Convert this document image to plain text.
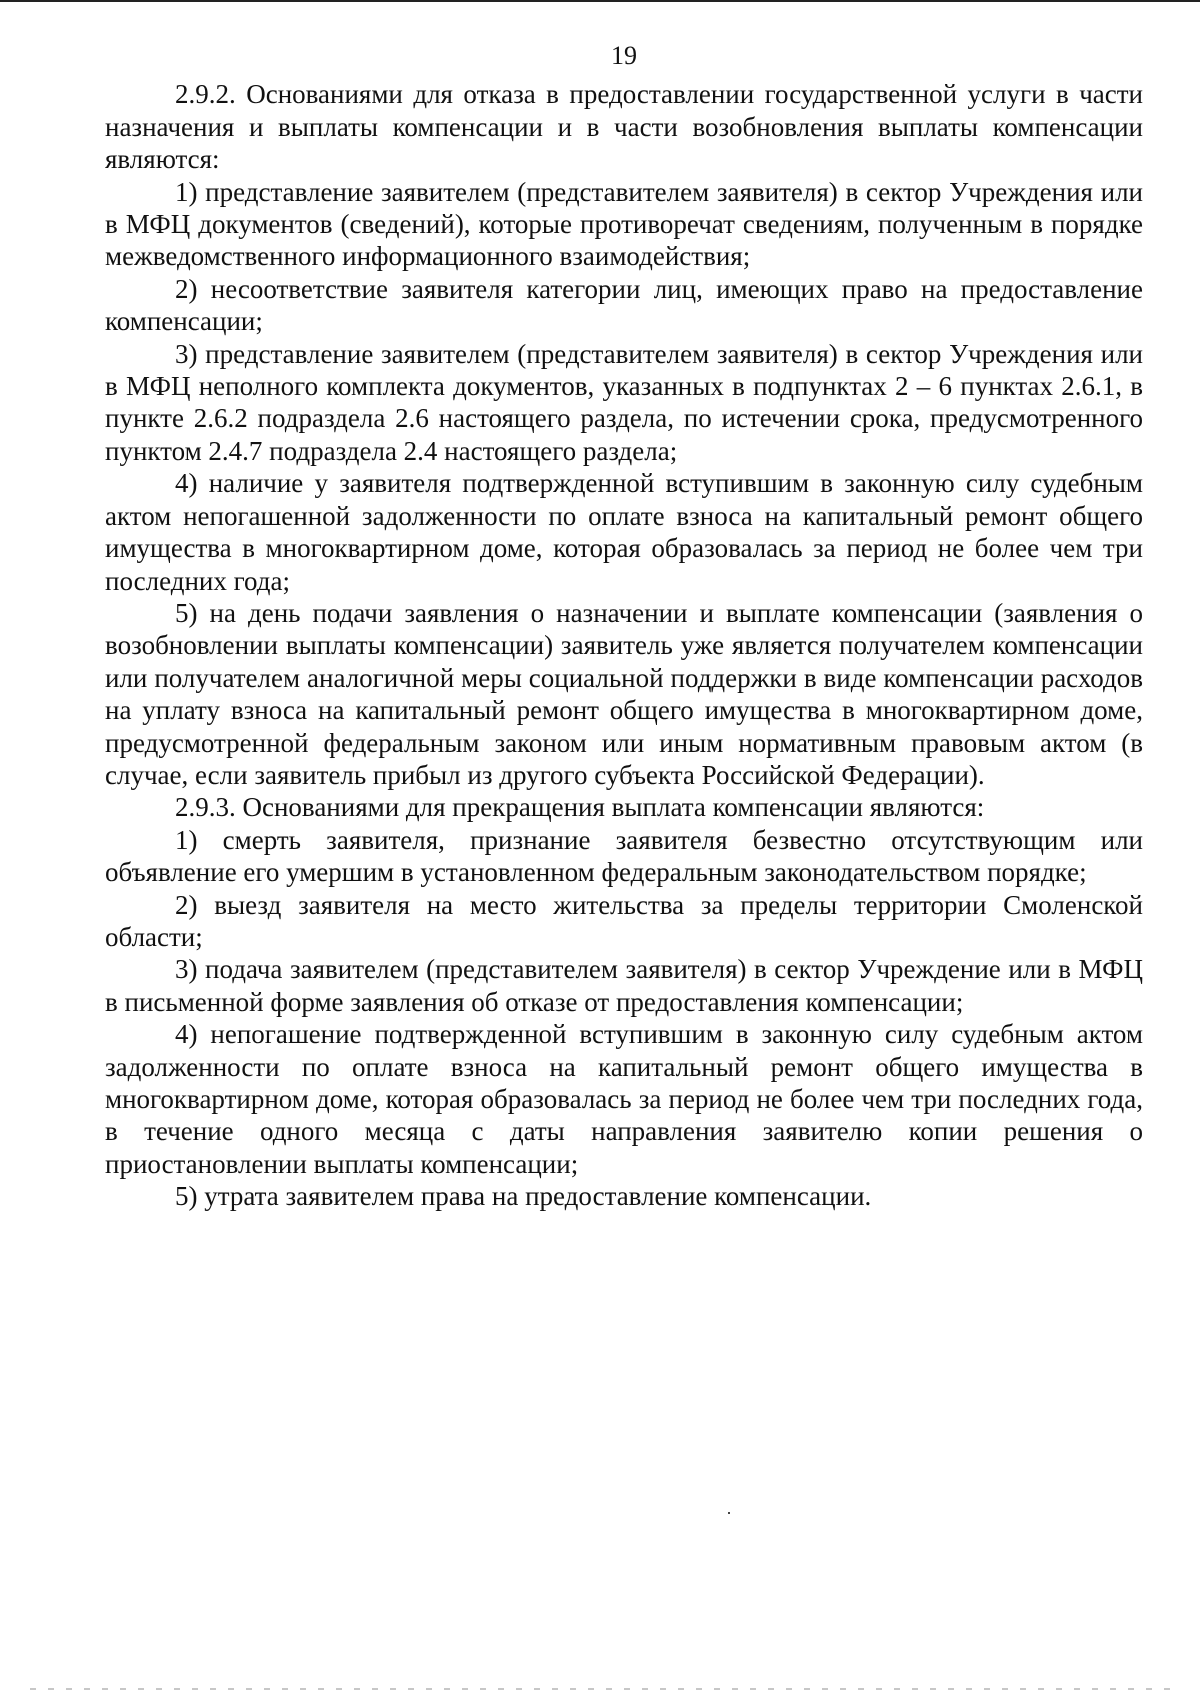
19

2.9.2. Основаниями для отказа в предоставлении государственной услуги в части назначения и выплаты компенсации и в части возобновления выплаты компенсации являются:

1) представление заявителем (представителем заявителя) в сектор Учреждения или в МФЦ документов (сведений), которые противоречат сведениям, полученным в порядке межведомственного информационного взаимодействия;

2) несоответствие заявителя категории лиц, имеющих право на предоставление компенсации;

3) представление заявителем (представителем заявителя) в сектор Учреждения или в МФЦ неполного комплекта документов, указанных в подпунктах 2 – 6 пунктах 2.6.1, в пункте 2.6.2 подраздела 2.6 настоящего раздела, по истечении срока, предусмотренного пунктом 2.4.7 подраздела 2.4 настоящего раздела;

4) наличие у заявителя подтвержденной вступившим в законную силу судебным актом непогашенной задолженности по оплате взноса на капитальный ремонт общего имущества в многоквартирном доме, которая образовалась за период не более чем три последних года;

5) на день подачи заявления о назначении и выплате компенсации (заявления о возобновлении выплаты компенсации) заявитель уже является получателем компенсации или получателем аналогичной меры социальной поддержки в виде компенсации расходов на уплату взноса на капитальный ремонт общего имущества в многоквартирном доме, предусмотренной федеральным законом или иным нормативным правовым актом (в случае, если заявитель прибыл из другого субъекта Российской Федерации).

2.9.3. Основаниями для прекращения выплата компенсации являются:

1) смерть заявителя, признание заявителя безвестно отсутствующим или объявление его умершим в установленном федеральным законодательством порядке;

2) выезд заявителя на место жительства за пределы территории Смоленской области;

3) подача заявителем (представителем заявителя) в сектор Учреждение или в МФЦ в письменной форме заявления об отказе от предоставления компенсации;

4) непогашение подтвержденной вступившим в законную силу судебным актом задолженности по оплате взноса на капитальный ремонт общего имущества в многоквартирном доме, которая образовалась за период не более чем три последних года, в течение одного месяца с даты направления заявителю копии решения о приостановлении выплаты компенсации;

5) утрата заявителем права на предоставление компенсации.
